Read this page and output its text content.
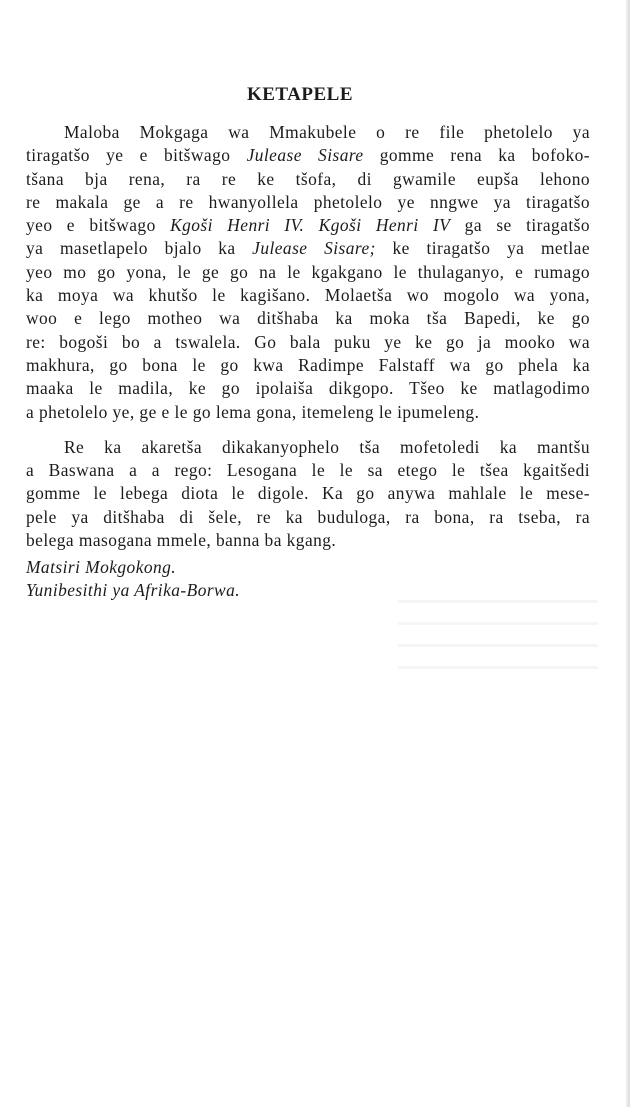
KETAPELE

Maloba Mokgaga wa Mmakubele o re file phetolelo ya
tiragatšo ye e bitšwago Julease Sisare gomme rena ka bofoko-
tšana bja rena, ra re ke tšofa, di gwamile eupša lehono
re makala ge a re hwanyollela phetolelo ye nngwe ya tiragatšo
yeo e bitšwago Kgoši Henri IV. Kgoši Henri IV ga se tiragatšo
ya masetlapelo bjalo ka Julease Sisare; ke tiragatšo ya metlae
yeo mo go yona, le ge go na le kgakgano le thulaganyo, e rumago
ka moya wa khutšo le kagišano. Molaetša wo mogolo wa yona,
woo e lego motheo wa ditšhaba ka moka tša Bapedi, ke go
re: bogoši bo a tswalela. Go bala puku ye ke go ja mooko wa
makhura, go bona le go kwa Radimpe Falstaff wa go phela ka
maaka le madila, ke go ipolaiša dikgopo. Tšeo ke matlagodimo
a phetolelo ye, ge e le go lema gona, itemeleng le ipumeleng.

Re ka akaretša dikakanyophelo tša mofetoledi ka mantšu
a Baswana a a rego: Lesogana le le sa etego le tšea kgaitšedi
gomme le lebega diota le digole. Ka go anywa mahlale le mese-
pele ya ditšhaba di šele, re ka buduloga, ra bona, ra tseba, ra
belega masogana mmele, banna ba kgang.

Matsiri Mokgokong.
Yunibesithi ya Afrika-Borwa.
